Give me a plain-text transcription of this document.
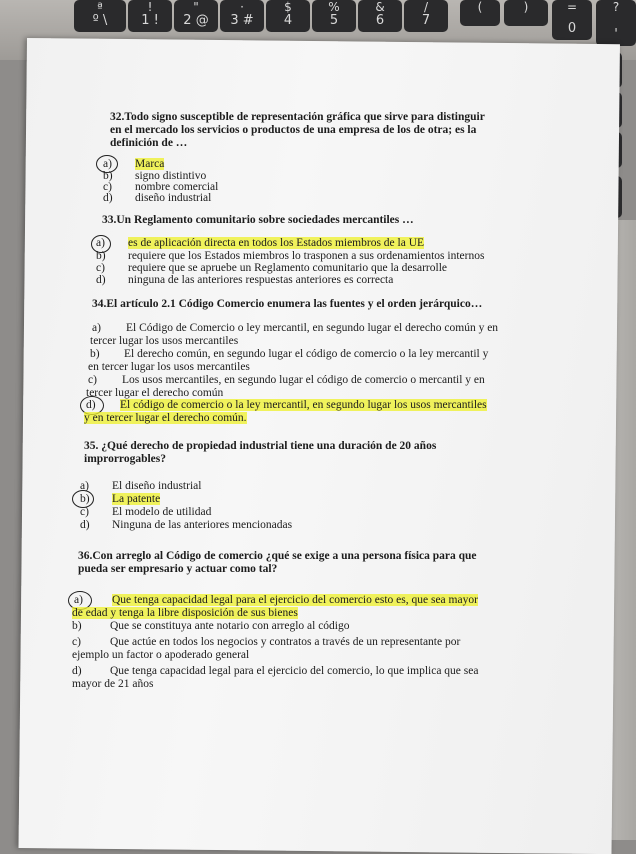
ª
º \
!
1 !
"
2 @
·
3 #
$
4
%
5
&
6
/
7
(	)	=
0
?
'
32.Todo signo susceptible de representación gráfica que sirve para distinguir en el mercado los servicios o productos de una empresa de los de otra; es la definición de …
a) Marca
b) signo distintivo
c) nombre comercial
d) diseño industrial
33.Un Reglamento comunitario sobre sociedades mercantiles …
a) es de aplicación directa en todos los Estados miembros de la UE
b) requiere que los Estados miembros lo trasponen a sus ordenamientos internos
c) requiere que se apruebe un Reglamento comunitario que la desarrolle
d) ninguna de las anteriores respuestas anteriores es correcta
34.El artículo 2.1 Código Comercio enumera las fuentes y el orden jerárquico…
a) El Código de Comercio o ley mercantil, en segundo lugar el derecho común y en
tercer lugar los usos mercantiles
b) El derecho común, en segundo lugar el código de comercio o la ley mercantil y
en tercer lugar los usos mercantiles
c) Los usos mercantiles, en segundo lugar el código de comercio o mercantil y en
tercer lugar el derecho común
d) El código de comercio o la ley mercantil, en segundo lugar los usos mercantiles
y en tercer lugar el derecho común.
35. ¿Qué derecho de propiedad industrial tiene una duración de 20 años
improrrogables?
a) El diseño industrial
b) La patente
c) El modelo de utilidad
d) Ninguna de las anteriores mencionadas
36.Con arreglo al Código de comercio ¿qué se exige a una persona física para que
pueda ser empresario y actuar como tal?
a)	Que tenga capacidad legal para el ejercicio del comercio esto es, que sea mayor
de edad y tenga la libre disposición de sus bienes
b) Que se constituya ante notario con arreglo al código
c)	Que actúe en todos los negocios y contratos a través de un representante por
ejemplo un factor o apoderado general
d) Que tenga capacidad legal para el ejercicio del comercio, lo que implica que sea
mayor de 21 años
